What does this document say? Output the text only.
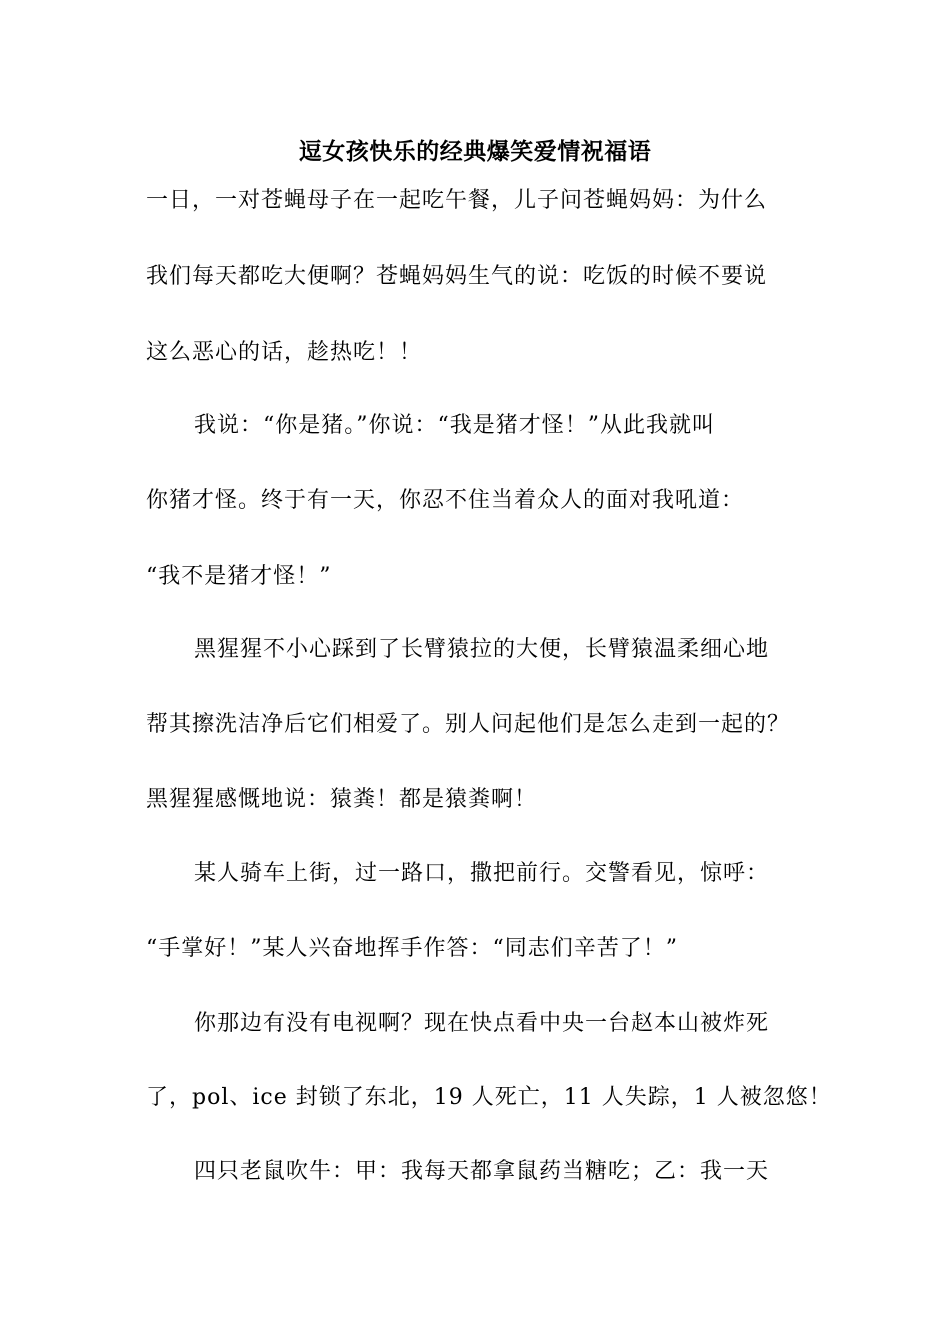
逗女孩快乐的经典爆笑爱情祝福语
一日，一对苍蝇母子在一起吃午餐，儿子问苍蝇妈妈：为什么
我们每天都吃大便啊？苍蝇妈妈生气的说：吃饭的时候不要说
这么恶心的话，趁热吃！！
我说：“你是猪。”你说：“我是猪才怪！”从此我就叫
你猪才怪。终于有一天，你忍不住当着众人的面对我吼道：
“我不是猪才怪！”
黑猩猩不小心踩到了长臂猿拉的大便，长臂猿温柔细心地
帮其擦洗洁净后它们相爱了。别人问起他们是怎么走到一起的？
黑猩猩感慨地说：猿粪！都是猿粪啊！
某人骑车上街，过一路口，撒把前行。交警看见，惊呼：
“手掌好！”某人兴奋地挥手作答：“同志们辛苦了！”
你那边有没有电视啊？现在快点看中央一台赵本山被炸死
了，pol、ice 封锁了东北，19 人死亡，11 人失踪，1 人被忽悠！
四只老鼠吹牛：甲：我每天都拿鼠药当糖吃；乙：我一天
